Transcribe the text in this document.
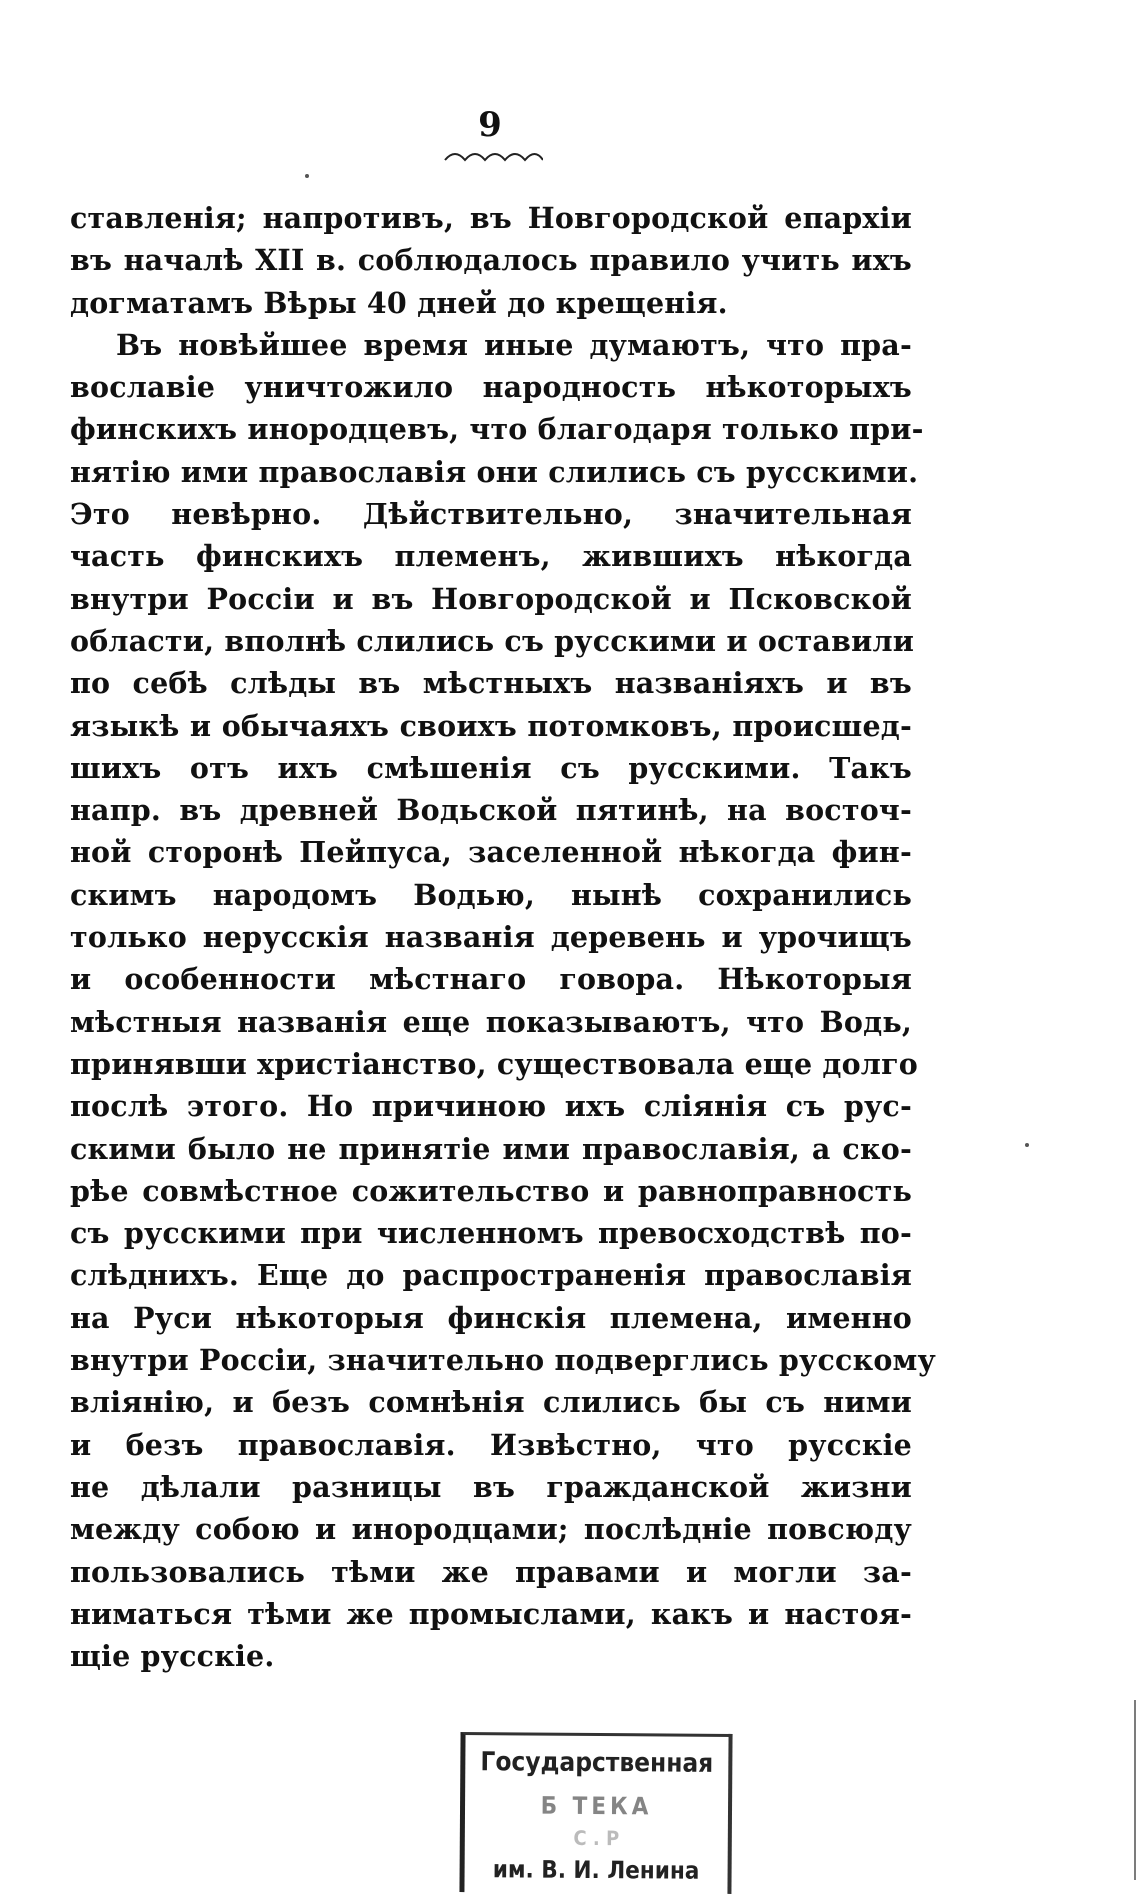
9
ставленія; напротивъ, въ Новгородской епархіи
въ началѣ XII в. соблюдалось правило учить ихъ
догматамъ Вѣры 40 дней до крещенія.
Въ новѣйшее время иные думаютъ, что пра-
вославіе уничтожило народность нѣкоторыхъ
финскихъ инородцевъ, что благодаря только при-
нятію ими православія они слились съ русскими.
Это невѣрно. Дѣйствительно, значительная
часть финскихъ племенъ, жившихъ нѣкогда
внутри Россіи и въ Новгородской и Псковской
области, вполнѣ слились съ русскими и оставили
по себѣ слѣды въ мѣстныхъ названіяхъ и въ
языкѣ и обычаяхъ своихъ потомковъ, происшед-
шихъ отъ ихъ смѣшенія съ русскими. Такъ
напр. въ древней Водьской пятинѣ, на восточ-
ной сторонѣ Пейпуса, заселенной нѣкогда фин-
скимъ народомъ Водью, нынѣ сохранились
только нерусскія названія деревень и урочищъ
и особенности мѣстнаго говора. Нѣкоторыя
мѣстныя названія еще показываютъ, что Водь,
принявши христіанство, существовала еще долго
послѣ этого. Но причиною ихъ сліянія съ рус-
скими было не принятіе ими православія, а ско-
рѣе совмѣстное сожительство и равноправность
съ русскими при численномъ превосходствѣ по-
слѣднихъ. Еще до распространенія православія
на Руси нѣкоторыя финскія племена, именно
внутри Россіи, значительно подверглись русскому
вліянію, и безъ сомнѣнія слились бы съ ними
и безъ православія. Извѣстно, что русскіе
не дѣлали разницы въ гражданской жизни
между собою и инородцами; послѣдніе повсюду
пользовались тѣми же правами и могли за-
ниматься тѣми же промыслами, какъ и настоя-
щіе русскіе.
Государственная
Б ТЕКА
С . Р
им. В. И. Ленина
